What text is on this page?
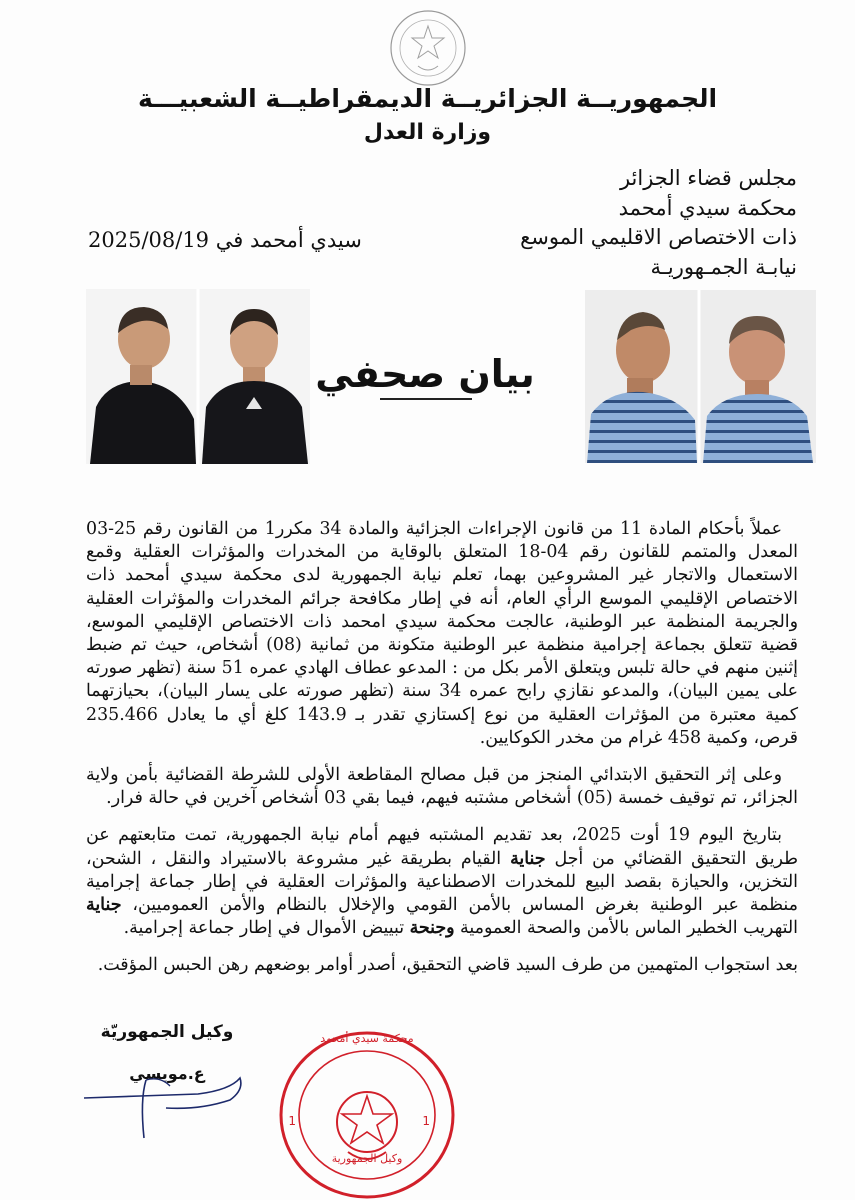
الجمهوريــة الجزائريــة الديمقراطيــة الشعبيـــة
وزارة العدل
مجلس قضاء الجزائر
محكمة سيدي أمحمد
ذات الاختصاص الاقليمي الموسع
نيابـة الجمـهوريـة
سيدي أمحمد في 2025/08/19
بيان صحفي

عملاً بأحكام المادة 11 من قانون الإجراءات الجزائية والمادة 34 مكرر1 من القانون رقم 25-03 المعدل والمتمم للقانون رقم 04-18 المتعلق بالوقاية من المخدرات والمؤثرات العقلية وقمع الاستعمال والاتجار غير المشروعين بهما، تعلم نيابة الجمهورية لدى محكمة سيدي أمحمد ذات الاختصاص الإقليمي الموسع الرأي العام، أنه في إطار مكافحة جرائم المخدرات والمؤثرات العقلية والجريمة المنظمة عبر الوطنية، عالجت محكمة سيدي امحمد ذات الاختصاص الإقليمي الموسع، قضية تتعلق بجماعة إجرامية منظمة عبر الوطنية متكونة من ثمانية (08) أشخاص، حيث تم ضبط إثنين منهم في حالة تلبس ويتعلق الأمر بكل من : المدعو عطاف الهادي عمره 51 سنة (تظهر صورته على يمين البيان)، والمدعو نقازي رابح عمره 34 سنة (تظهر صورته على يسار البيان)، بحيازتهما كمية معتبرة من المؤثرات العقلية من نوع إكستازي تقدر بـ 143.9 كلغ أي ما يعادل 235.466 قرص، وكمية 458 غرام من مخدر الكوكايين.

وعلى إثر التحقيق الابتدائي المنجز من قبل مصالح المقاطعة الأولى للشرطة القضائية بأمن ولاية الجزائر، تم توقيف خمسة (05) أشخاص مشتبه فيهم، فيما بقي 03 أشخاص آخرين في حالة فرار.

بتاريخ اليوم 19 أوت 2025، بعد تقديم المشتبه فيهم أمام نيابة الجمهورية، تمت متابعتهم عن طريق التحقيق القضائي من أجل جناية القيام بطريقة غير مشروعة بالاستيراد والنقل ، الشحن، التخزين، والحيازة بقصد البيع للمخدرات الاصطناعية والمؤثرات العقلية في إطار جماعة إجرامية منظمة عبر الوطنية بغرض المساس بالأمن القومي والإخلال بالنظام والأمن العموميين، جناية التهريب الخطير الماس بالأمن والصحة العمومية وجنحة تبييض الأموال في إطار جماعة إجرامية.

بعد استجواب المتهمين من طرف السيد قاضي التحقيق، أصدر أوامر بوضعهم رهن الحبس المؤقت.

وكيل الجمهوريّة
ع.مويسي
1	1
محكمة سيدي أمحمد
وكيل الجمهورية
